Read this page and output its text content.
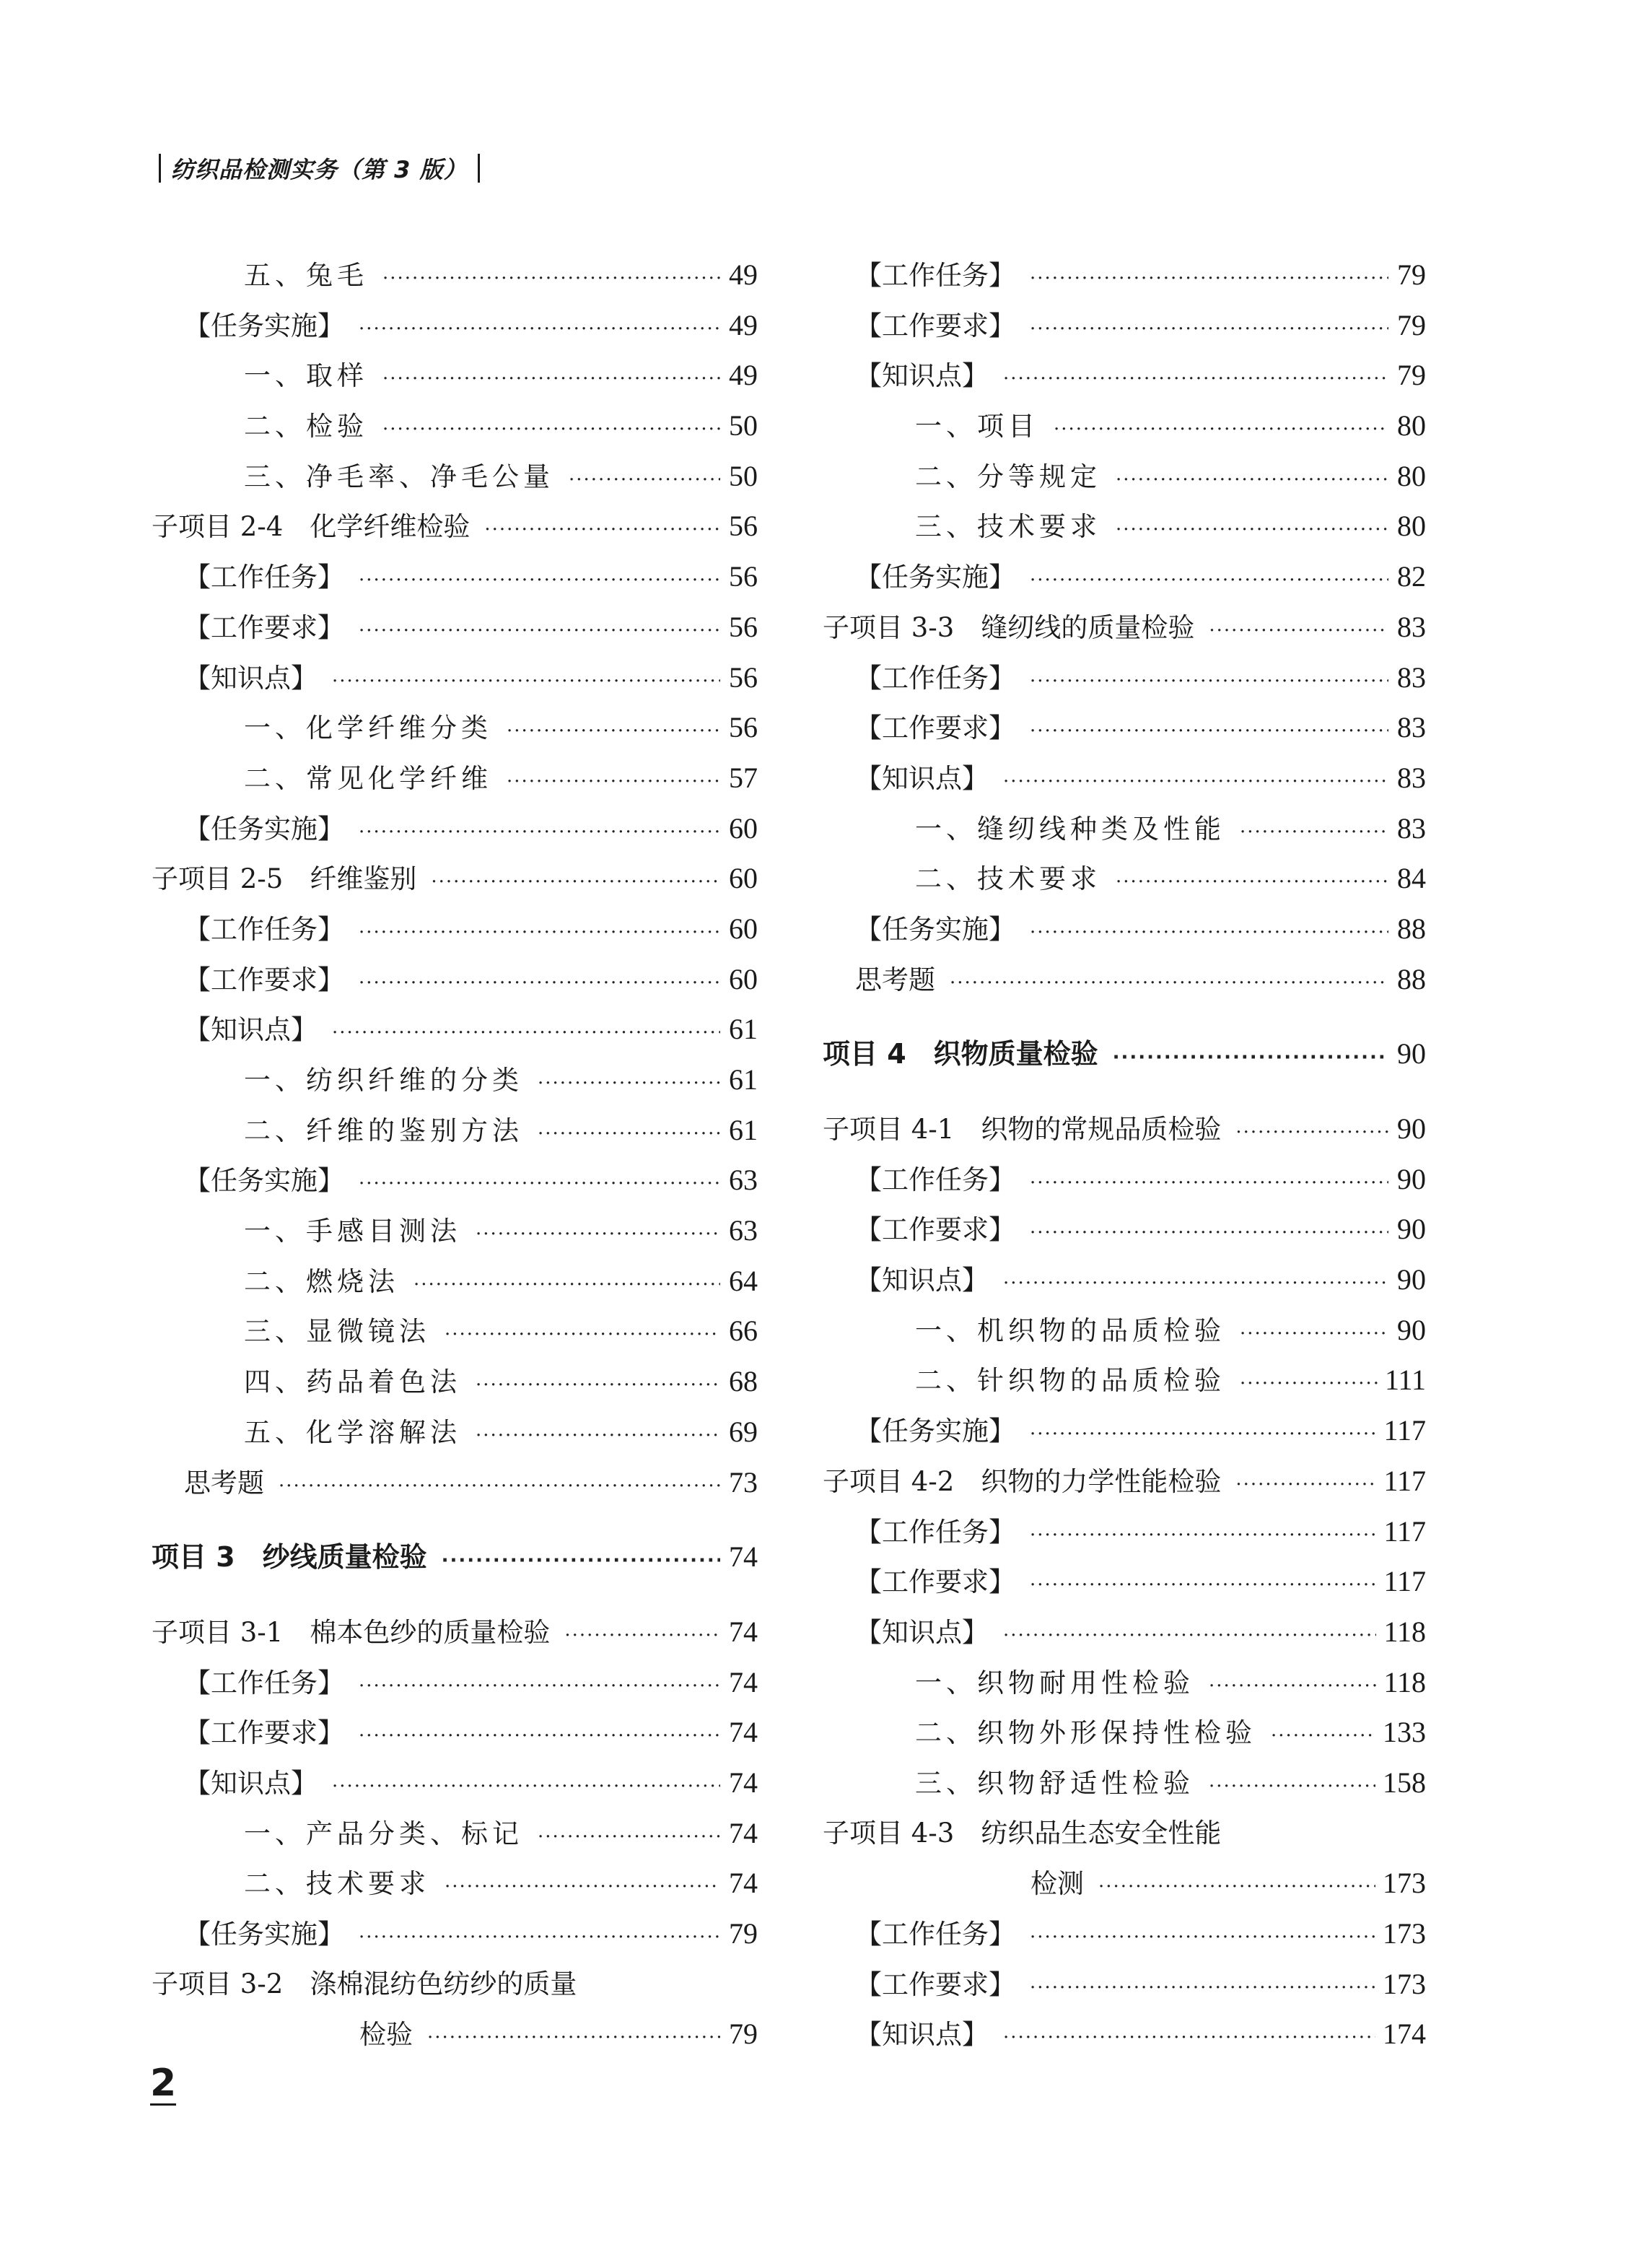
纺织品检测实务（第 3 版）
五、兔毛 ·····	49
【任务实施】 ·····	49
一、取样 ·····	49
二、检验 ·····	50
三、净毛率、净毛公量 ·····	50
子项目 2-4　化学纤维检验 ·····	56
【工作任务】 ·····	56
【工作要求】 ·····	56
【知识点】 ·····	56
一、化学纤维分类 ·····	56
二、常见化学纤维 ·····	57
【任务实施】 ·····	60
子项目 2-5　纤维鉴别 ·····	60
【工作任务】 ·····	60
【工作要求】 ·····	60
【知识点】 ·····	61
一、纺织纤维的分类 ·····	61
二、纤维的鉴别方法 ·····	61
【任务实施】 ·····	63
一、手感目测法 ·····	63
二、燃烧法 ·····	64
三、显微镜法 ·····	66
四、药品着色法 ·····	68
五、化学溶解法 ·····	69
思考题 ·····	73
项目 3　纱线质量检验 ·····	74
子项目 3-1　棉本色纱的质量检验 ·····	74
【工作任务】 ·····	74
【工作要求】 ·····	74
【知识点】 ·····	74
一、产品分类、标记 ·····	74
二、技术要求 ·····	74
【任务实施】 ·····	79
子项目 3-2　涤棉混纺色纺纱的质量
检验 ·····	79
【工作任务】 ·····	79
【工作要求】 ·····	79
【知识点】 ·····	79
一、项目 ·····	80
二、分等规定 ·····	80
三、技术要求 ·····	80
【任务实施】 ·····	82
子项目 3-3　缝纫线的质量检验 ·····	83
【工作任务】 ·····	83
【工作要求】 ·····	83
【知识点】 ·····	83
一、缝纫线种类及性能 ·····	83
二、技术要求 ·····	84
【任务实施】 ·····	88
思考题 ·····	88
项目 4　织物质量检验 ·····	90
子项目 4-1　织物的常规品质检验 ·····	90
【工作任务】 ·····	90
【工作要求】 ·····	90
【知识点】 ·····	90
一、机织物的品质检验 ·····	90
二、针织物的品质检验 ·····	111
【任务实施】 ·····	117
子项目 4-2　织物的力学性能检验 ·····	117
【工作任务】 ·····	117
【工作要求】 ·····	117
【知识点】 ·····	118
一、织物耐用性检验 ·····	118
二、织物外形保持性检验 ·····	133
三、织物舒适性检验 ·····	158
子项目 4-3　纺织品生态安全性能
检测 ·····	173
【工作任务】 ·····	173
【工作要求】 ·····	173
【知识点】 ·····	174
2
